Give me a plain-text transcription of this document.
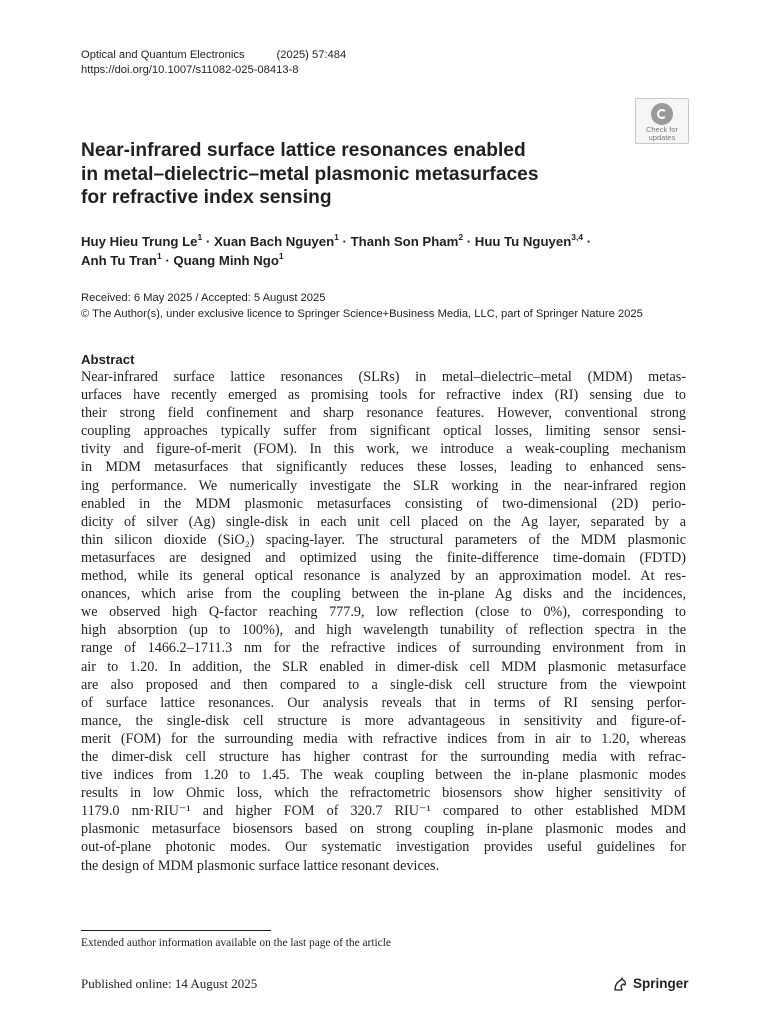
Optical and Quantum Electronics	(2025) 57:484
https://doi.org/10.1007/s11082-025-08413-8
Check for
updates
Near-infrared surface lattice resonances enabled
in metal–dielectric–metal plasmonic metasurfaces
for refractive index sensing
Huy Hieu Trung $Le^1$ · Xuan Bach Nguyen$^1$ · Thanh Son Pham$^2$ · Huu Tu Nguyen$^{3,4}$ ·
Anh Tu Tran$^1$ · Quang Minh Ngo$^1$
Received: 6 May 2025 / Accepted: 5 August 2025
© The Author(s), under exclusive licence to Springer Science+Business Media, LLC, part of Springer Nature 2025
Abstract

Near-infrared surface lattice resonances (SLRs) in metal–dielectric–metal (MDM) metas-
urfaces have recently emerged as promising tools for refractive index (RI) sensing due to
their strong field confinement and sharp resonance features. However, conventional strong
coupling approaches typically suffer from significant optical losses, limiting sensor sensi-
tivity and figure-of-merit (FOM). In this work, we introduce a weak-coupling mechanism
in MDM metasurfaces that significantly reduces these losses, leading to enhanced sens-
ing performance. We numerically investigate the SLR working in the near-infrared region
enabled in the MDM plasmonic metasurfaces consisting of two-dimensional (2D) perio-
dicity of silver (Ag) single-disk in each unit cell placed on the Ag layer, separated by a
thin silicon dioxide (SiO₂) spacing-layer. The structural parameters of the MDM plasmonic
metasurfaces are designed and optimized using the finite-difference time-domain (FDTD)
method, while its general optical resonance is analyzed by an approximation model. At res-
onances, which arise from the coupling between the in-plane Ag disks and the incidences,
we observed high Q-factor reaching 777.9, low reflection (close to 0%), corresponding to
high absorption (up to 100%), and high wavelength tunability of reflection spectra in the
range of 1466.2–1711.3 nm for the refractive indices of surrounding environment from in
air to 1.20. In addition, the SLR enabled in dimer-disk cell MDM plasmonic metasurface
are also proposed and then compared to a single-disk cell structure from the viewpoint
of surface lattice resonances. Our analysis reveals that in terms of RI sensing perfor-
mance, the single-disk cell structure is more advantageous in sensitivity and figure-of-
merit (FOM) for the surrounding media with refractive indices from in air to 1.20, whereas
the dimer-disk cell structure has higher contrast for the surrounding media with refrac-
tive indices from 1.20 to 1.45. The weak coupling between the in-plane plasmonic modes
results in low Ohmic loss, which the refractometric biosensors show higher sensitivity of
1179.0 nm·RIU⁻¹ and higher FOM of 320.7 RIU⁻¹ compared to other established MDM
plasmonic metasurface biosensors based on strong coupling in-plane plasmonic modes and
out-of-plane photonic modes. Our systematic investigation provides useful guidelines for
the design of MDM plasmonic surface lattice resonant devices.

Extended author information available on the last page of the article
Published online: 14 August 2025	Springer
